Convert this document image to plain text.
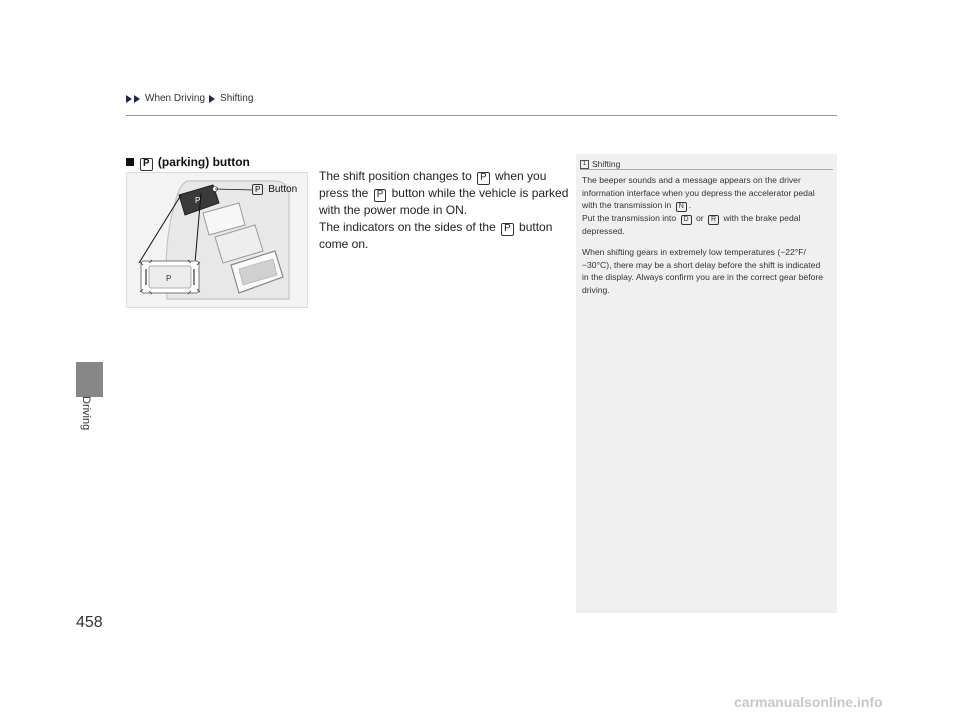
When Driving Shifting
Driving
458
P (parking) button
P
P
P Button

The shift position changes to P when you press the P button while the vehicle is parked with the power mode in ON.

The indicators on the sides of the P button come on.

1 Shifting

The beeper sounds and a message appears on the driver information interface when you depress the accelerator pedal with the transmission in N .
Put the transmission into D or R with the brake pedal depressed.

When shifting gears in extremely low temperatures (−22°F/−30°C), there may be a short delay before the shift is indicated in the display. Always confirm you are in the correct gear before driving.

carmanualsonline.info
